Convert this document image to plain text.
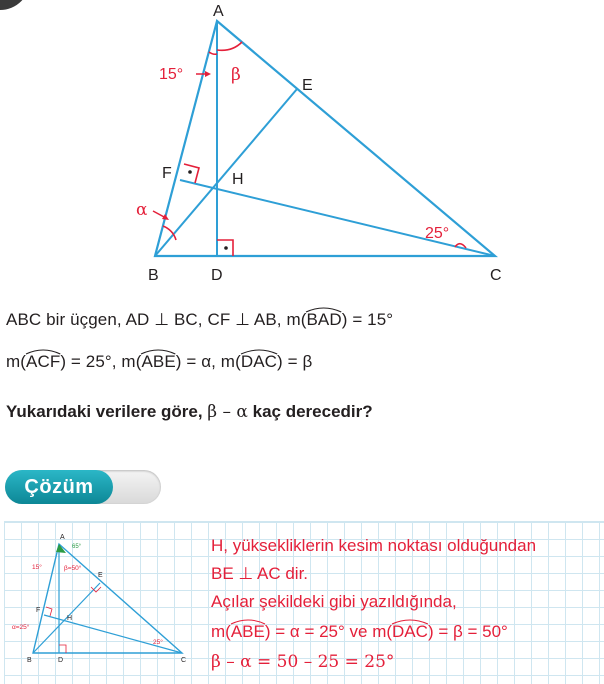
A
B	C
D
E
F	H
15°	β
α
25°
ABC bir üçgen, AD ⊥ BC, CF ⊥ AB, m(
BAD) = 15°
m(
ACF) = 25°, m(
ABE) = α, m(
DAC) = β
Yukarıdaki verilere göre, β – α kaç derecedir?
Çözüm
A
B	C
D
E
F
H
65°
15°	β=50°
α=25°
25°
H, yüksekliklerin kesim noktası olduğundan
BE ⊥ AC dir.
Açılar şekildeki gibi yazıldığında,
m(
ABE) = α = 25° ve m(
DAC) = β = 50°
β – α = 50 – 25 = 25°
